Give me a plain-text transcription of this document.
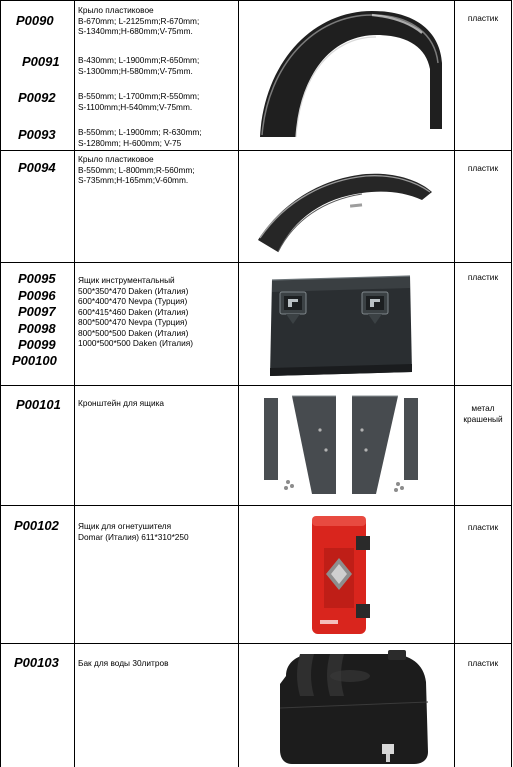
P0090
P0091
P0092
P0093
Крыло пластиковое
B-670mm; L-2125mm;R-670mm;
S-1340mm;H-680mm;V-75mm.
B-430mm; L-1900mm;R-650mm;
S-1300mm;H-580mm;V-75mm.
B-550mm; L-1700mm;R-550mm;
S-1100mm;H-540mm;V-75mm.
B-550mm; L-1900mm; R-630mm;
S-1280mm; H-600mm; V-75
пластик
P0094
Крыло пластиковое
B-550mm; L-800mm;R-560mm;
S-735mm;H-165mm;V-60mm.
пластик
P0095
P0096
P0097
P0098
P0099
P00100
Ящик инструментальный
500*350*470 Daken (Италия)
600*400*470 Nevpa (Турция)
600*415*460 Daken (Италия)
800*500*470 Nevpa (Турция)
800*500*500 Daken (Италия)
1000*500*500 Daken (Италия)
пластик
P00101 Кронштейн для ящика	метал
крашеный
P00102 Ящик для огнетушителя
Domar (Италия) 611*310*250
пластик
P00103 Бак для воды 30литров	пластик
